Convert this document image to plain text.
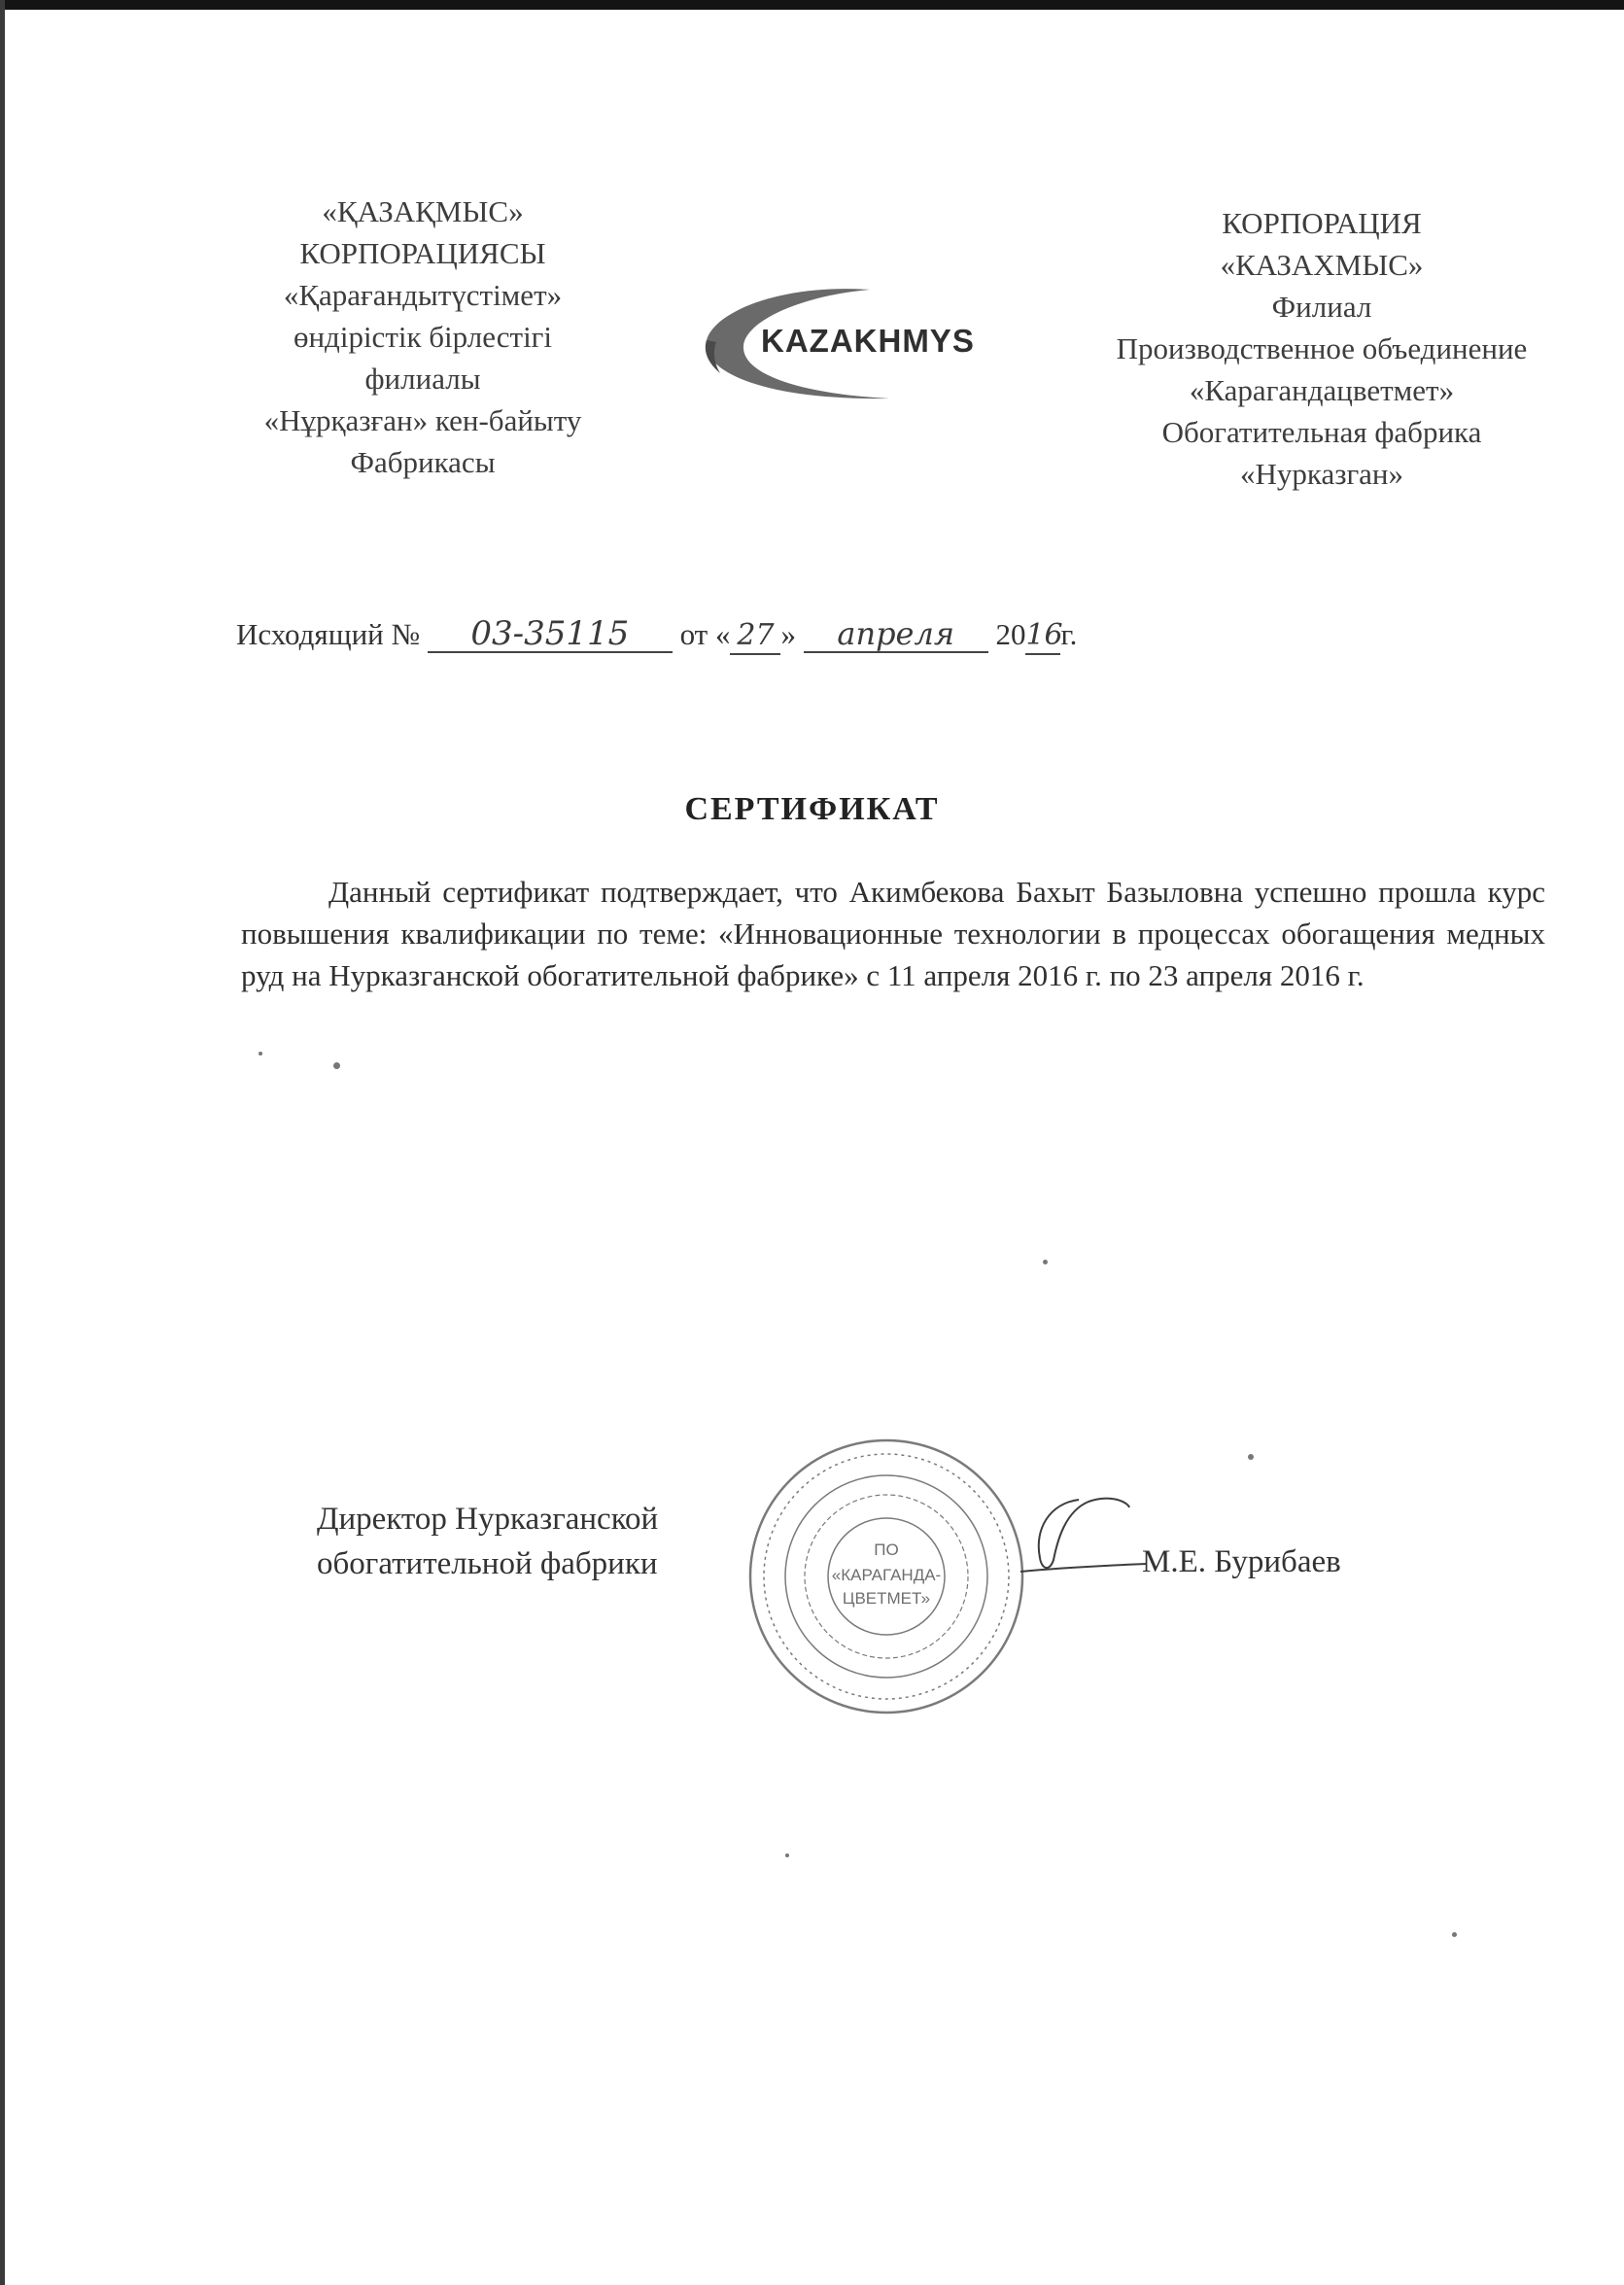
«ҚАЗАҚМЫС»
КОРПОРАЦИЯСЫ
«Қарағандытүстімет»
өндірістік бірлестігі
филиалы
«Нұрқазған» кен-байыту
Фабрикасы
KAZAKHMYS
КОРПОРАЦИЯ
«КАЗАХМЫС»
Филиал
Производственное объединение
«Карагандацветмет»
Обогатительная фабрика
«Нурказган»
Исходящий № 03-35115 от « 27 » апреля 2016г.
СЕРТИФИКАТ
Данный сертификат подтверждает, что Акимбекова Бахыт Базыловна успешно прошла курс повышения квалификации по теме: «Инновационные технологии в процессах обогащения медных руд на Нурказганской обогатительной фабрике» с 11 апреля 2016 г. по 23 апреля 2016 г.
Директор Нурказганской
обогатительной фабрики	ПО
«КАРАГАНДА-
ЦВЕТМЕТ»
М.Е. Бурибаев
